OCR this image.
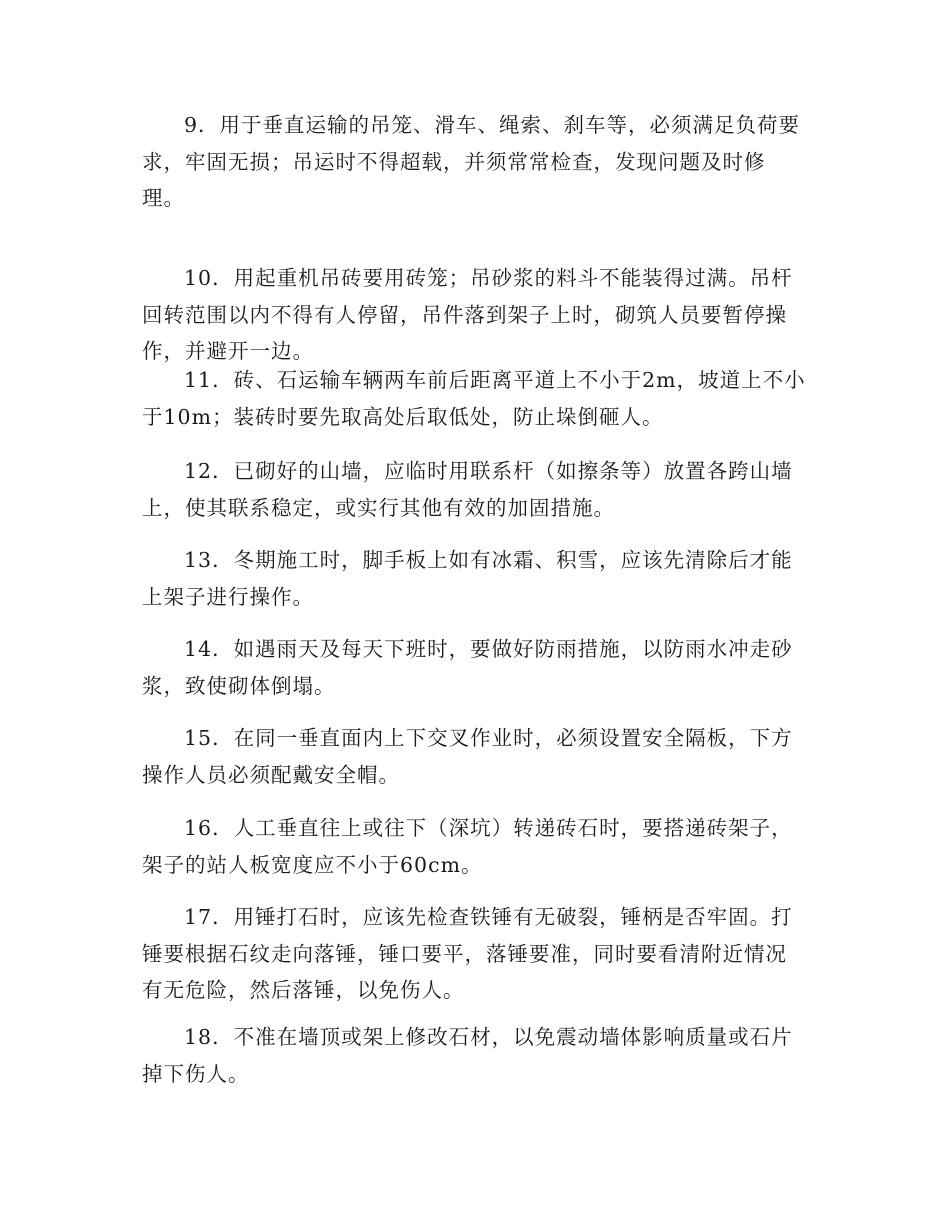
9．用于垂直运输的吊笼、滑车、绳索、刹车等，必须满足负荷要
求，牢固无损；吊运时不得超载，并须常常检查，发现问题及时修
理。

10．用起重机吊砖要用砖笼；吊砂浆的料斗不能装得过满。吊杆
回转范围以内不得有人停留，吊件落到架子上时，砌筑人员要暂停操
作，并避开一边。

11．砖、石运输车辆两车前后距离平道上不小于2m，坡道上不小
于10m；装砖时要先取高处后取低处，防止垛倒砸人。

12．已砌好的山墙，应临时用联系杆（如擦条等）放置各跨山墙
上，使其联系稳定，或实行其他有效的加固措施。

13．冬期施工时，脚手板上如有冰霜、积雪，应该先清除后才能
上架子进行操作。

14．如遇雨天及每天下班时，要做好防雨措施，以防雨水冲走砂
浆，致使砌体倒塌。

15．在同一垂直面内上下交叉作业时，必须设置安全隔板，下方
操作人员必须配戴安全帽。

16．人工垂直往上或往下（深坑）转递砖石时，要搭递砖架子，
架子的站人板宽度应不小于60cm。

17．用锤打石时，应该先检查铁锤有无破裂，锤柄是否牢固。打
锤要根据石纹走向落锤，锤口要平，落锤要准，同时要看清附近情况
有无危险，然后落锤，以免伤人。

18．不准在墙顶或架上修改石材，以免震动墙体影响质量或石片
掉下伤人。
